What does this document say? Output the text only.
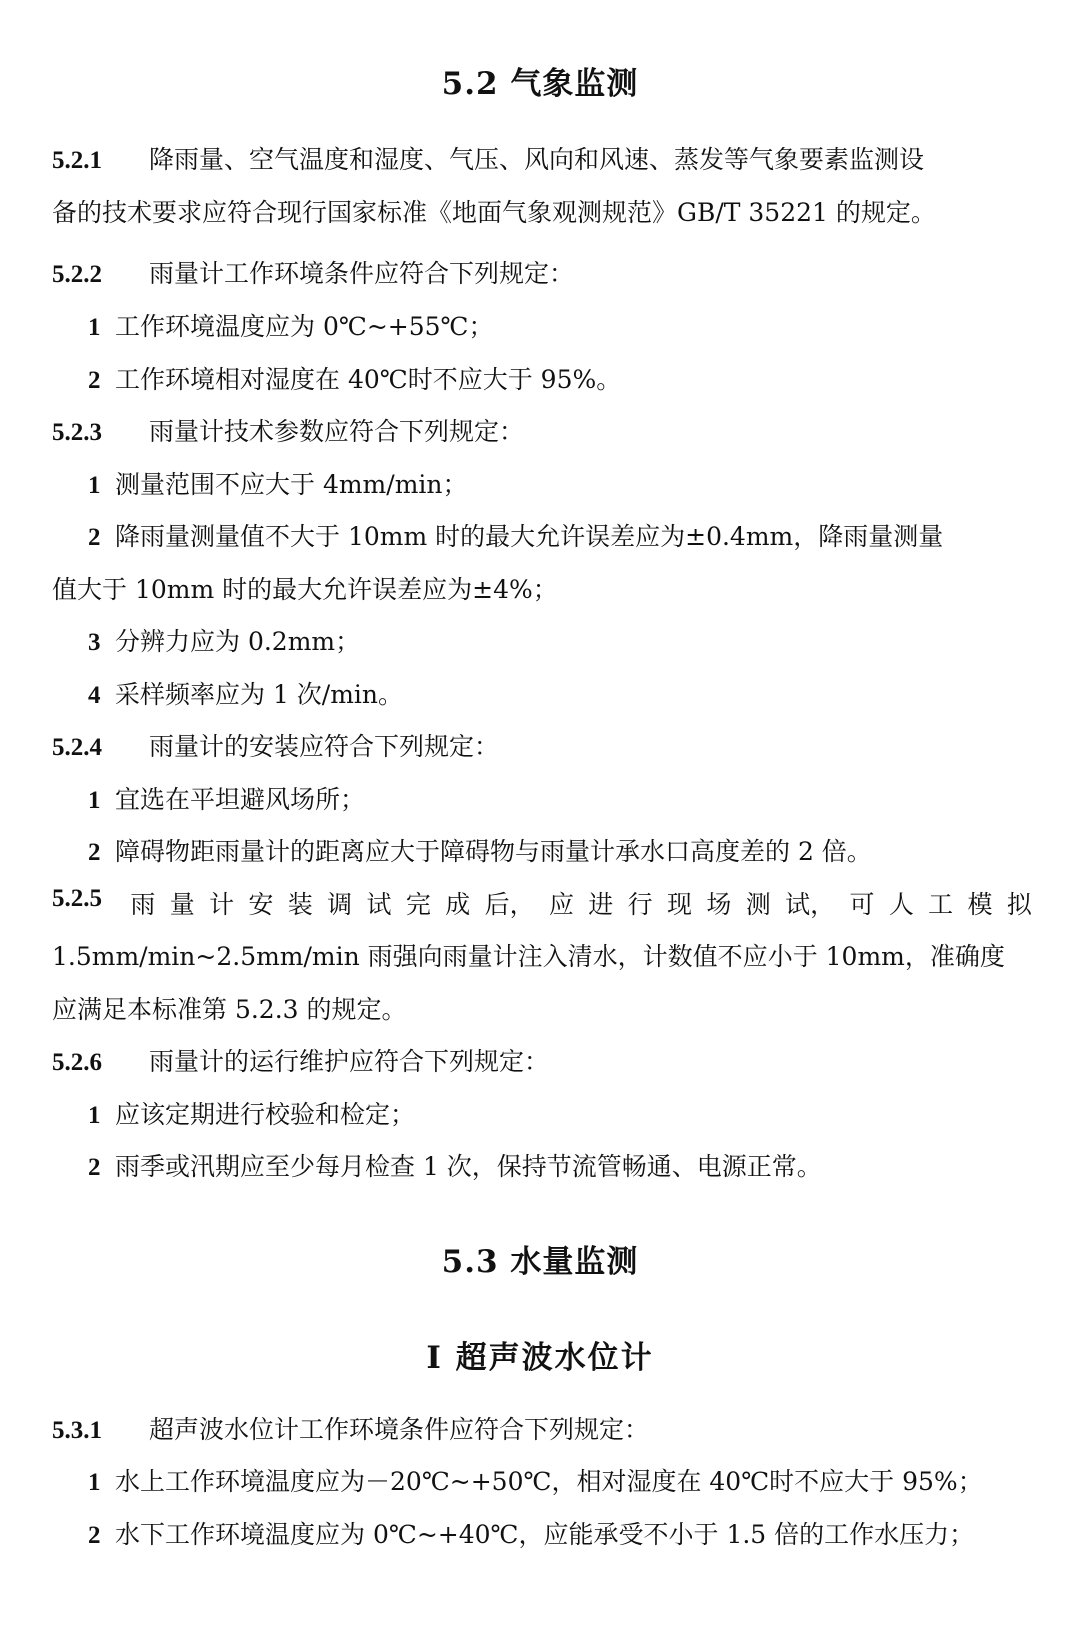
5.2 气象监测
5.2.1 降雨量、空气温度和湿度、气压、风向和风速、蒸发等气象要素监测设
备的技术要求应符合现行国家标准《地面气象观测规范》GB/T 35221 的规定。
5.2.2 雨量计工作环境条件应符合下列规定：
1 工作环境温度应为 0℃~+55℃；
2 工作环境相对湿度在 40℃时不应大于 95%。
5.2.3 雨量计技术参数应符合下列规定：
1 测量范围不应大于 4mm/min；
2 降雨量测量值不大于 10mm 时的最大允许误差应为±0.4mm，降雨量测量
值大于 10mm 时的最大允许误差应为±4%；
3 分辨力应为 0.2mm；
4 采样频率应为 1 次/min。
5.2.4 雨量计的安装应符合下列规定：
1 宜选在平坦避风场所；
2 障碍物距雨量计的距离应大于障碍物与雨量计承水口高度差的 2 倍。
5.2.5 雨 量 计 安 装 调 试 完 成 后， 应 进 行 现 场 测 试， 可 人 工 模 拟
1.5mm/min~2.5mm/min 雨强向雨量计注入清水，计数值不应小于 10mm，准确度
应满足本标准第 5.2.3 的规定。
5.2.6 雨量计的运行维护应符合下列规定：
1 应该定期进行校验和检定；
2 雨季或汛期应至少每月检查 1 次，保持节流管畅通、电源正常。
5.3 水量监测
Ⅰ 超声波水位计
5.3.1 超声波水位计工作环境条件应符合下列规定：
1 水上工作环境温度应为－20℃~+50℃，相对湿度在 40℃时不应大于 95%；
2 水下工作环境温度应为 0℃~+40℃，应能承受不小于 1.5 倍的工作水压力；
